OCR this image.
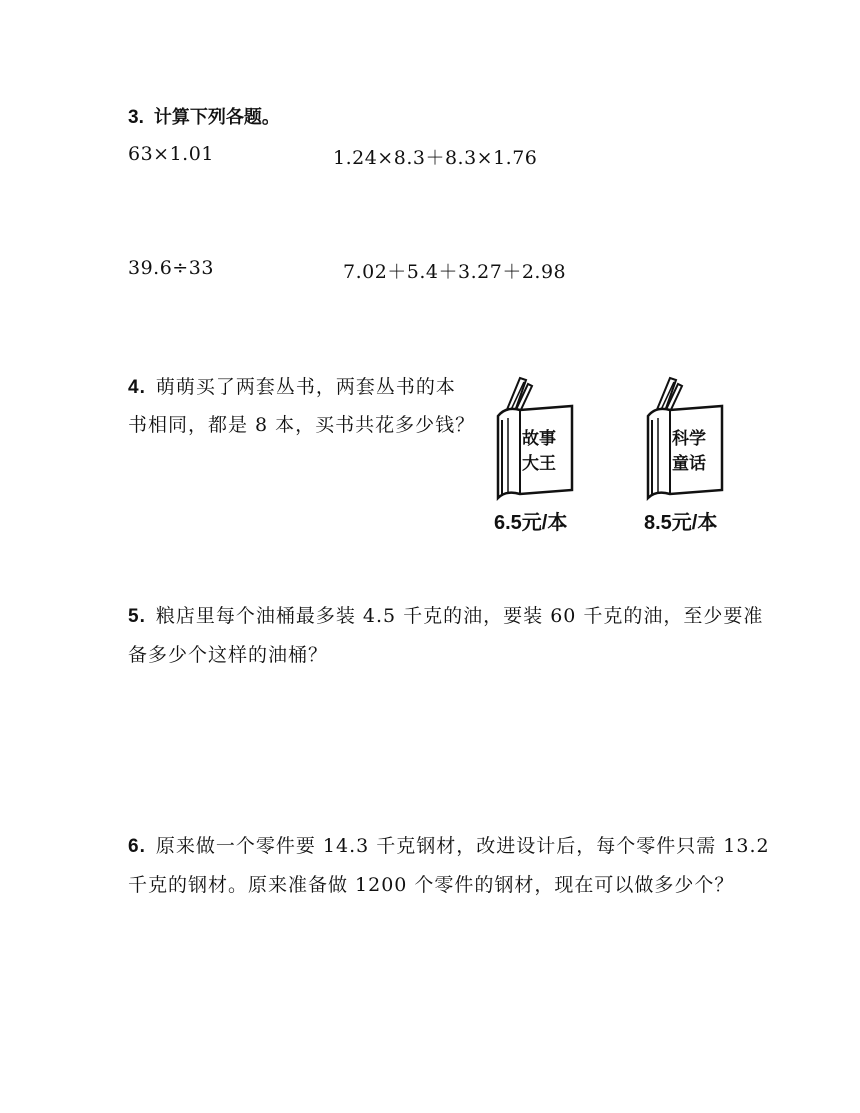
3. 计算下列各题。
63×1.01	1.24×8.3＋8.3×1.76
39.6÷33	7.02＋5.4＋3.27＋2.98
4. 萌萌买了两套丛书，两套丛书的本
书相同，都是 8 本，买书共花多少钱？
故事
大王
6.5元/本
科学
童话
8.5元/本
5. 粮店里每个油桶最多装 4.5 千克的油，要装 60 千克的油，至少要准
备多少个这样的油桶？
6. 原来做一个零件要 14.3 千克钢材，改进设计后，每个零件只需 13.2
千克的钢材。原来准备做 1200 个零件的钢材，现在可以做多少个？
